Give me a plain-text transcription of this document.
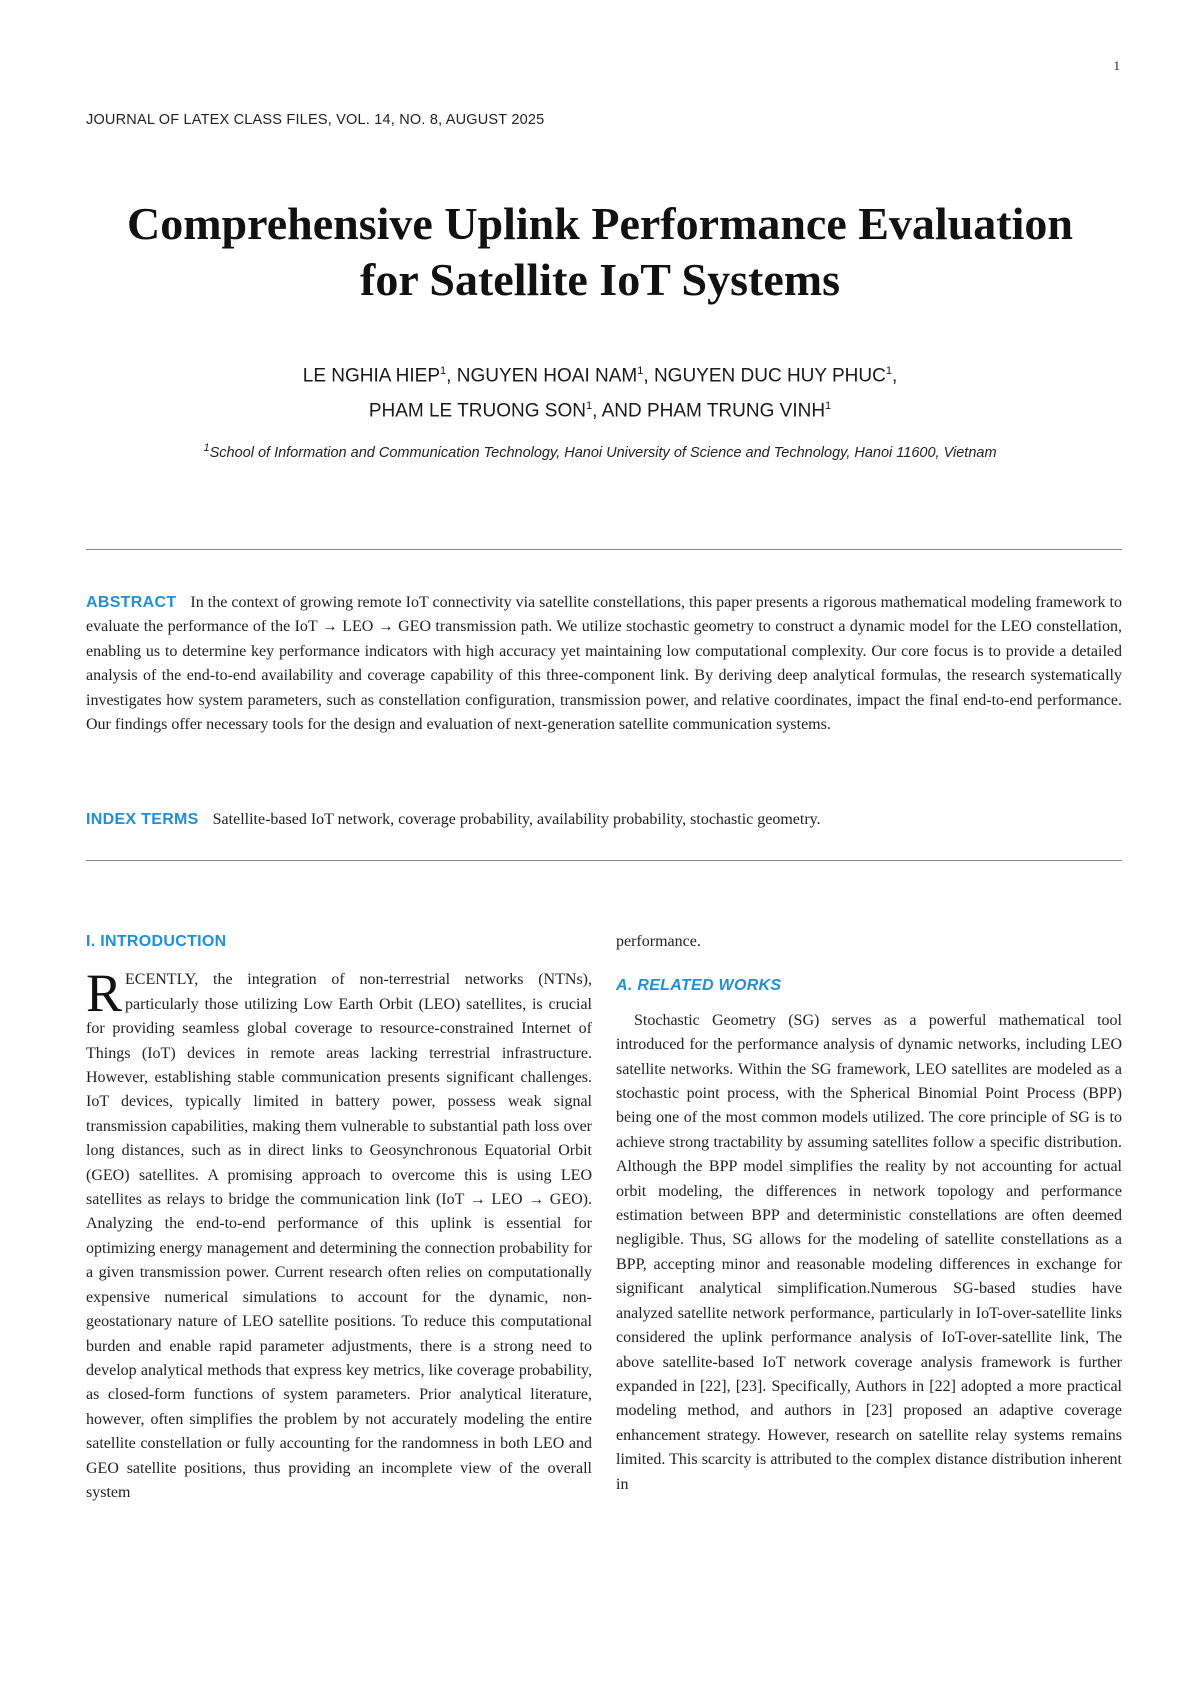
1
JOURNAL OF LATEX CLASS FILES, VOL. 14, NO. 8, AUGUST 2025
Comprehensive Uplink Performance Evaluation
for Satellite IoT Systems

LE NGHIA HIEP$^1$, NGUYEN HOAI NAM$^1$, NGUYEN DUC HUY PHUC$^1$,
PHAM LE TRUONG SON$^1$, AND PHAM TRUNG VINH$^1$

$^1$School of Information and Communication Technology, Hanoi University of Science and Technology, Hanoi 11600, Vietnam

ABSTRACT In the context of growing remote IoT connectivity via satellite constellations, this paper presents a rigorous mathematical modeling framework to evaluate the performance of the IoT → LEO → GEO transmission path. We utilize stochastic geometry to construct a dynamic model for the LEO constellation, enabling us to determine key performance indicators with high accuracy yet maintaining low computational complexity. Our core focus is to provide a detailed analysis of the end-to-end availability and coverage capability of this three-component link. By deriving deep analytical formulas, the research systematically investigates how system parameters, such as constellation configuration, transmission power, and relative coordinates, impact the final end-to-end performance. Our findings offer necessary tools for the design and evaluation of next-generation satellite communication systems.

INDEX TERMS Satellite-based IoT network, coverage probability, availability probability, stochastic geometry.

I. INTRODUCTION

RECENTLY, the integration of non-terrestrial networks (NTNs), particularly those utilizing Low Earth Orbit (LEO) satellites, is crucial for providing seamless global coverage to resource-constrained Internet of Things (IoT) devices in remote areas lacking terrestrial infrastructure. However, establishing stable communication presents significant challenges. IoT devices, typically limited in battery power, possess weak signal transmission capabilities, making them vulnerable to substantial path loss over long distances, such as in direct links to Geosynchronous Equatorial Orbit (GEO) satellites. A promising approach to overcome this is using LEO satellites as relays to bridge the communication link (IoT → LEO → GEO). Analyzing the end-to-end performance of this uplink is essential for optimizing energy management and determining the connection probability for a given transmission power. Current research often relies on computationally expensive numerical simulations to account for the dynamic, non-geostationary nature of LEO satellite positions. To reduce this computational burden and enable rapid parameter adjustments, there is a strong need to develop analytical methods that express key metrics, like coverage probability, as closed-form functions of system parameters. Prior analytical literature, however, often simplifies the problem by not accurately modeling the entire satellite constellation or fully accounting for the randomness in both LEO and GEO satellite positions, thus providing an incomplete view of the overall system

performance.

A. RELATED WORKS

Stochastic Geometry (SG) serves as a powerful mathematical tool introduced for the performance analysis of dynamic networks, including LEO satellite networks. Within the SG framework, LEO satellites are modeled as a stochastic point process, with the Spherical Binomial Point Process (BPP) being one of the most common models utilized. The core principle of SG is to achieve strong tractability by assuming satellites follow a specific distribution. Although the BPP model simplifies the reality by not accounting for actual orbit modeling, the differences in network topology and performance estimation between BPP and deterministic constellations are often deemed negligible. Thus, SG allows for the modeling of satellite constellations as a BPP, accepting minor and reasonable modeling differences in exchange for significant analytical simplification.Numerous SG-based studies have analyzed satellite network performance, particularly in IoT-over-satellite links considered the uplink performance analysis of IoT-over-satellite link, The above satellite-based IoT network coverage analysis framework is further expanded in [22], [23]. Specifically, Authors in [22] adopted a more practical modeling method, and authors in [23] proposed an adaptive coverage enhancement strategy. However, research on satellite relay systems remains limited. This scarcity is attributed to the complex distance distribution inherent in
